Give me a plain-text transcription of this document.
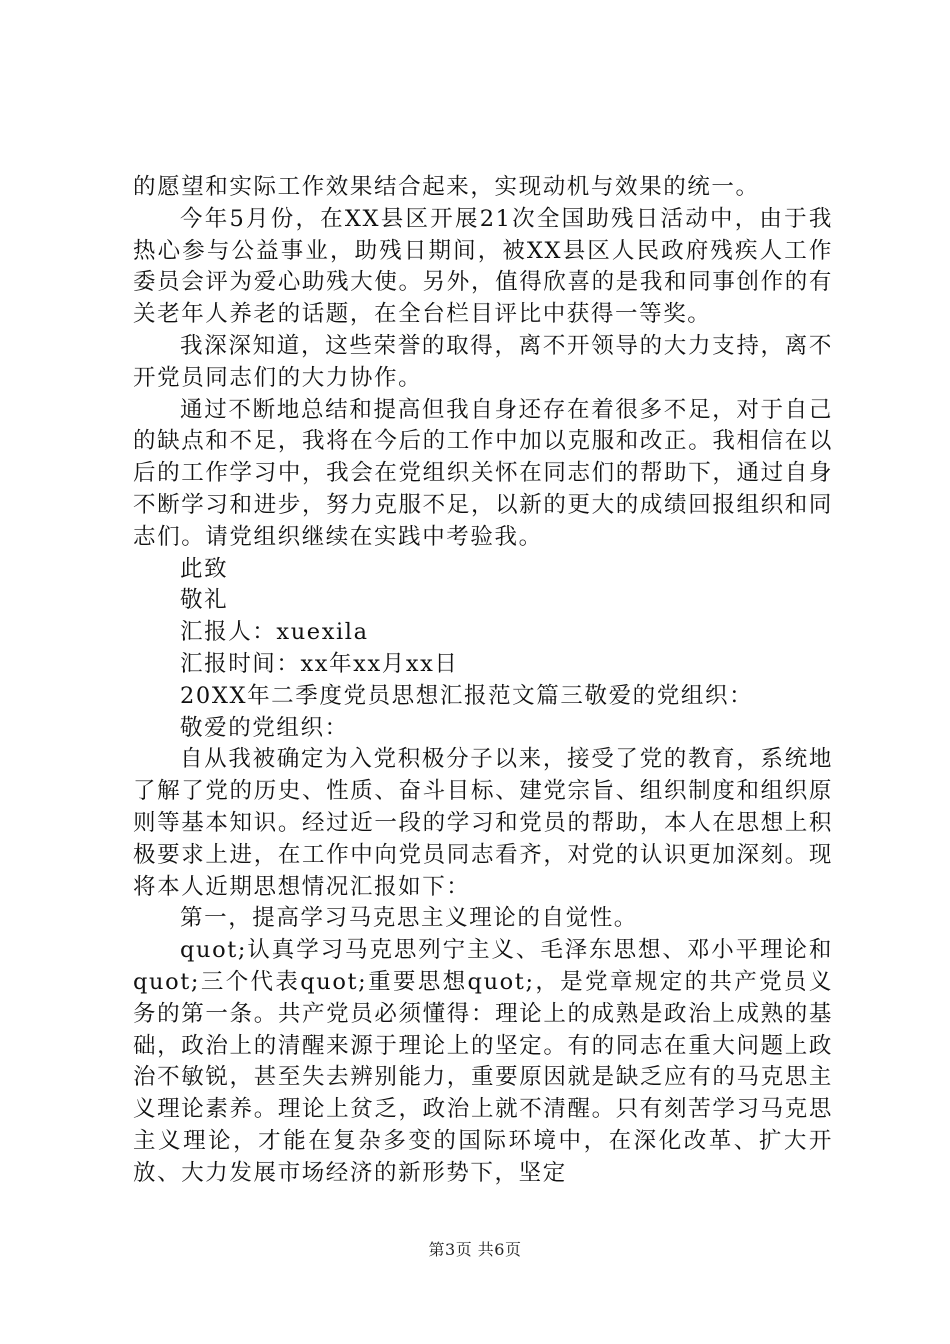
的愿望和实际工作效果结合起来，实现动机与效果的统一。

今年5月份，在XX县区开展21次全国助残日活动中，由于我热心参与公益事业，助残日期间，被XX县区人民政府残疾人工作委员会评为爱心助残大使。另外，值得欣喜的是我和同事创作的有关老年人养老的话题，在全台栏目评比中获得一等奖。

我深深知道，这些荣誉的取得，离不开领导的大力支持，离不开党员同志们的大力协作。

通过不断地总结和提高但我自身还存在着很多不足，对于自己的缺点和不足，我将在今后的工作中加以克服和改正。我相信在以后的工作学习中，我会在党组织关怀在同志们的帮助下，通过自身不断学习和进步，努力克服不足，以新的更大的成绩回报组织和同志们。请党组织继续在实践中考验我。

此致

敬礼

汇报人：xuexila

汇报时间：xx年xx月xx日

20XX年二季度党员思想汇报范文篇三敬爱的党组织：

敬爱的党组织：

自从我被确定为入党积极分子以来，接受了党的教育，系统地了解了党的历史、性质、奋斗目标、建党宗旨、组织制度和组织原则等基本知识。经过近一段的学习和党员的帮助，本人在思想上积极要求上进，在工作中向党员同志看齐，对党的认识更加深刻。现将本人近期思想情况汇报如下：

第一，提高学习马克思主义理论的自觉性。

quot;认真学习马克思列宁主义、毛泽东思想、邓小平理论和quot;三个代表quot;重要思想quot;，是党章规定的共产党员义务的第一条。共产党员必须懂得：理论上的成熟是政治上成熟的基础，政治上的清醒来源于理论上的坚定。有的同志在重大问题上政治不敏锐，甚至失去辨别能力，重要原因就是缺乏应有的马克思主义理论素养。理论上贫乏，政治上就不清醒。只有刻苦学习马克思主义理论，才能在复杂多变的国际环境中，在深化改革、扩大开放、大力发展市场经济的新形势下，坚定

第3页 共6页
